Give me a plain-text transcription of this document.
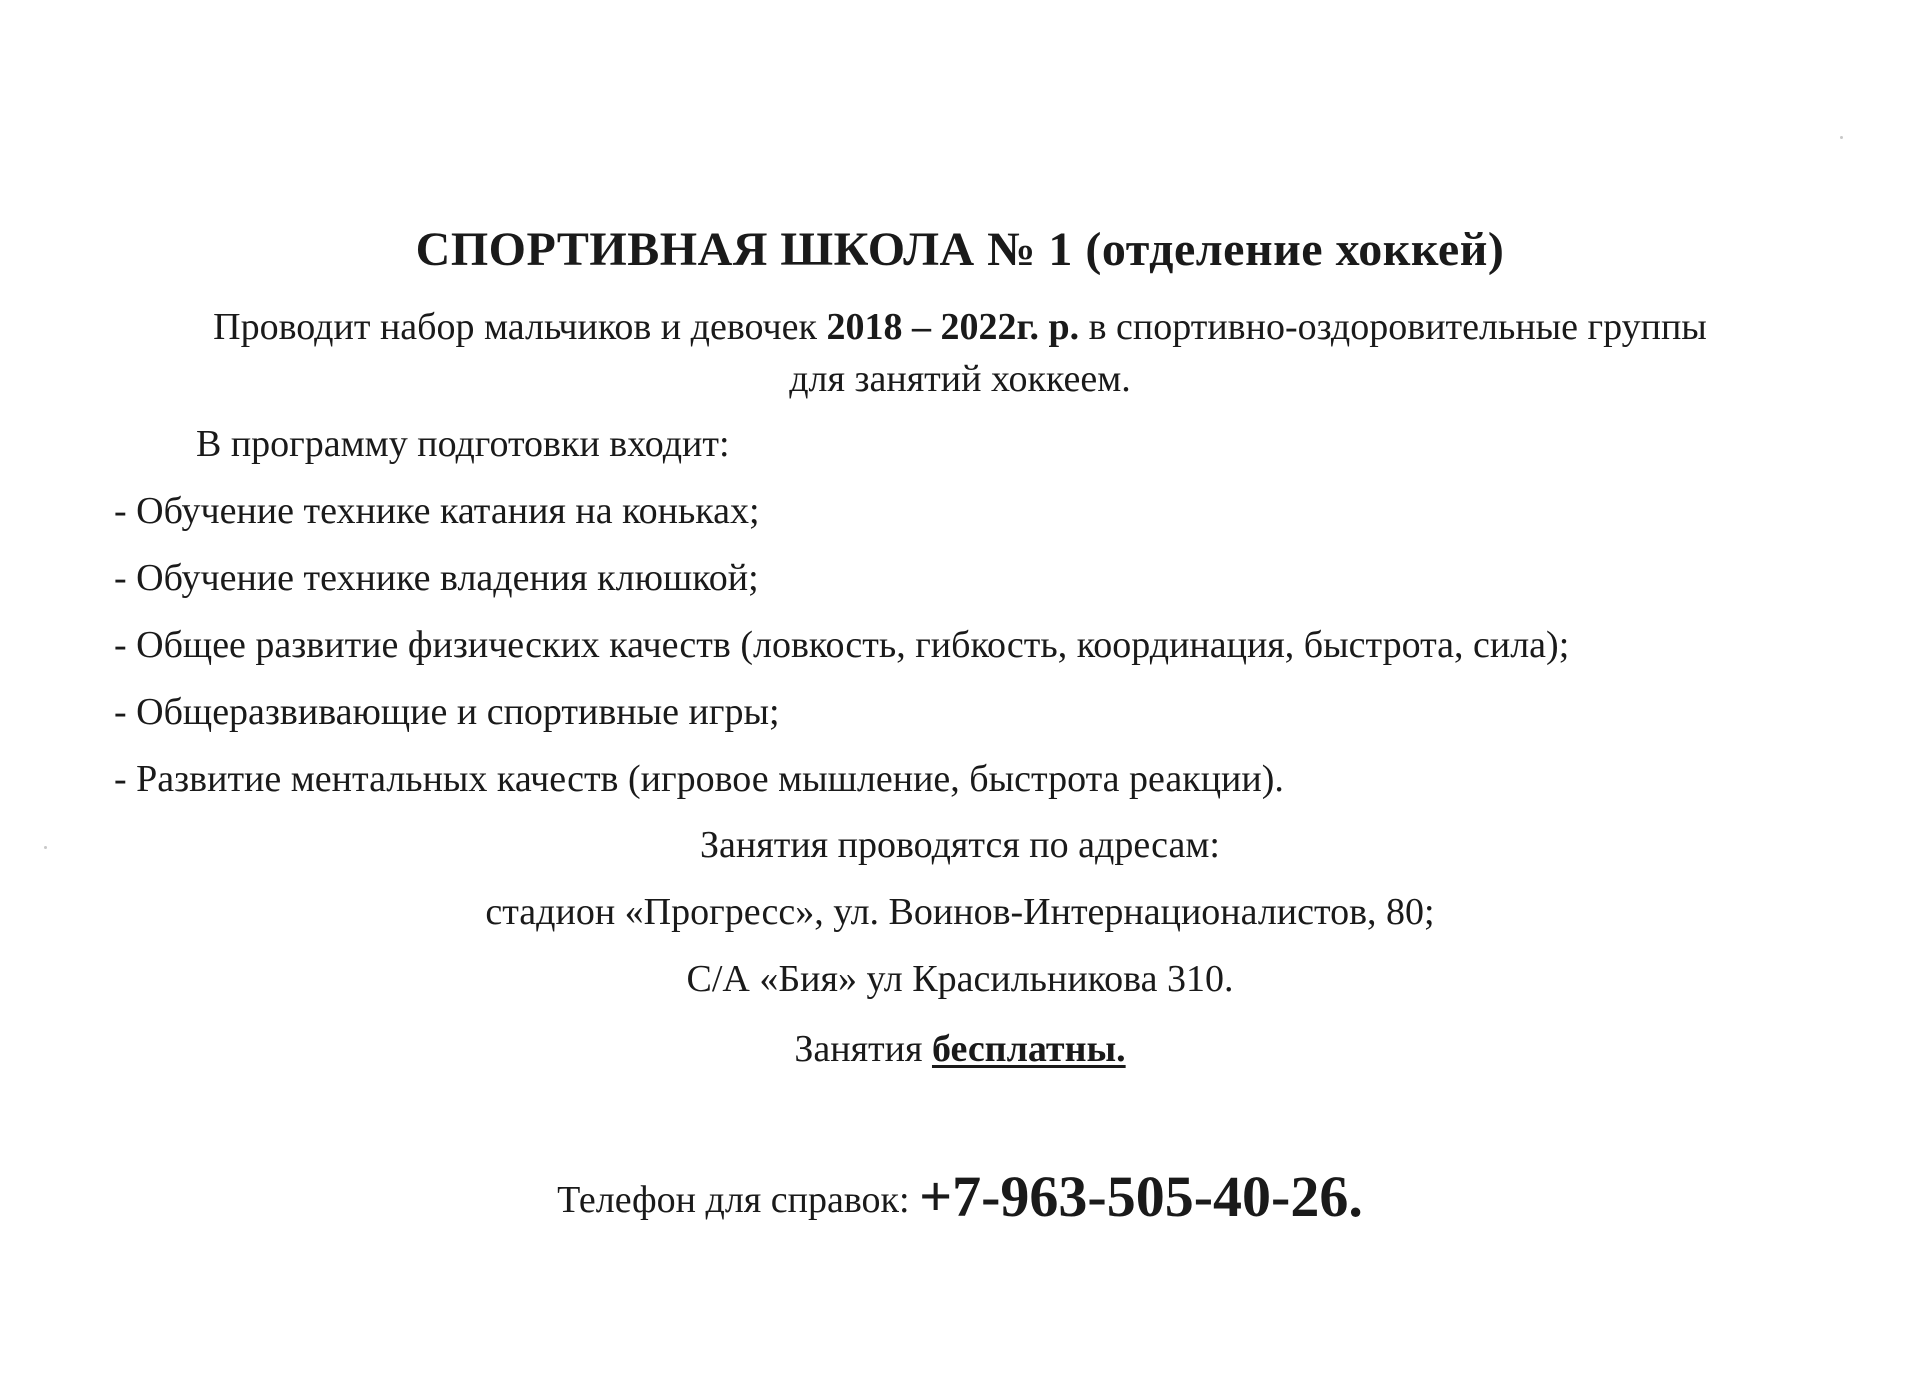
СПОРТИВНАЯ ШКОЛА № 1 (отделение хоккей)
Проводит набор мальчиков и девочек 2018 – 2022г. р. в спортивно-оздоровительные группы
для занятий хоккеем.
В программу подготовки входит:
- Обучение технике катания на коньках;
- Обучение технике владения клюшкой;
- Общее развитие физических качеств (ловкость, гибкость, координация, быстрота, сила);
- Общеразвивающие и спортивные игры;
- Развитие ментальных качеств (игровое мышление, быстрота реакции).
Занятия проводятся по адресам:
стадион «Прогресс», ул. Воинов-Интернационалистов, 80;
С/А «Бия» ул Красильникова 310.
Занятия бесплатны.
Телефон для справок: +7-963-505-40-26.
